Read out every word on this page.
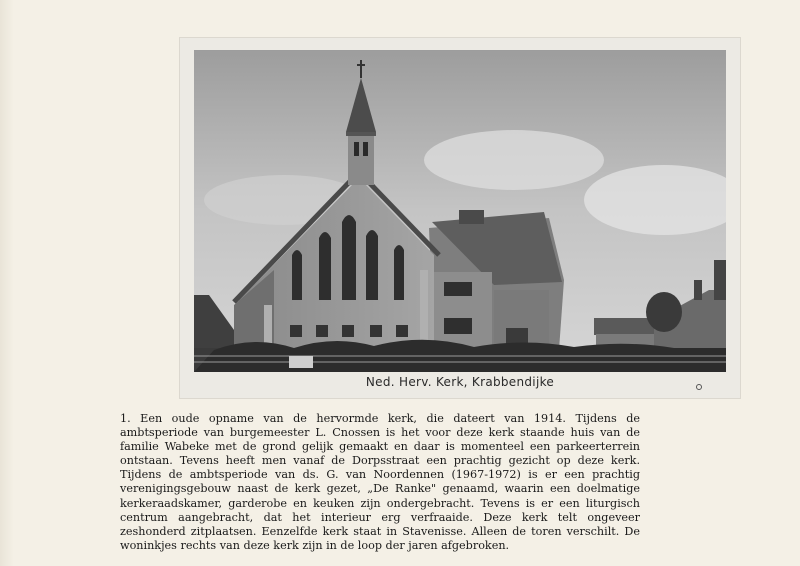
Ned. Herv. Kerk, Krabbendijke

1. Een oude opname van de hervormde kerk, die dateert van 1914. Tijdens de ambtsperiode van burgemeester L. Cnossen is het voor deze kerk staande huis van de familie Wabeke met de grond gelijk gemaakt en daar is momenteel een parkeerterrein ontstaan. Tevens heeft men vanaf de Dorpsstraat een prachtig gezicht op deze kerk. Tijdens de ambtsperiode van ds. G. van Noordennen (1967-1972) is er een prachtig verenigingsgebouw naast de kerk gezet, „De Ranke" genaamd, waarin een doelmatige kerkeraadskamer, garderobe en keuken zijn ondergebracht. Tevens is er een liturgisch centrum aangebracht, dat het interieur erg verfraaide. Deze kerk telt ongeveer zeshonderd zitplaatsen. Eenzelfde kerk staat in Stavenisse. Alleen de toren verschilt. De woninkjes rechts van deze kerk zijn in de loop der jaren afgebroken.
